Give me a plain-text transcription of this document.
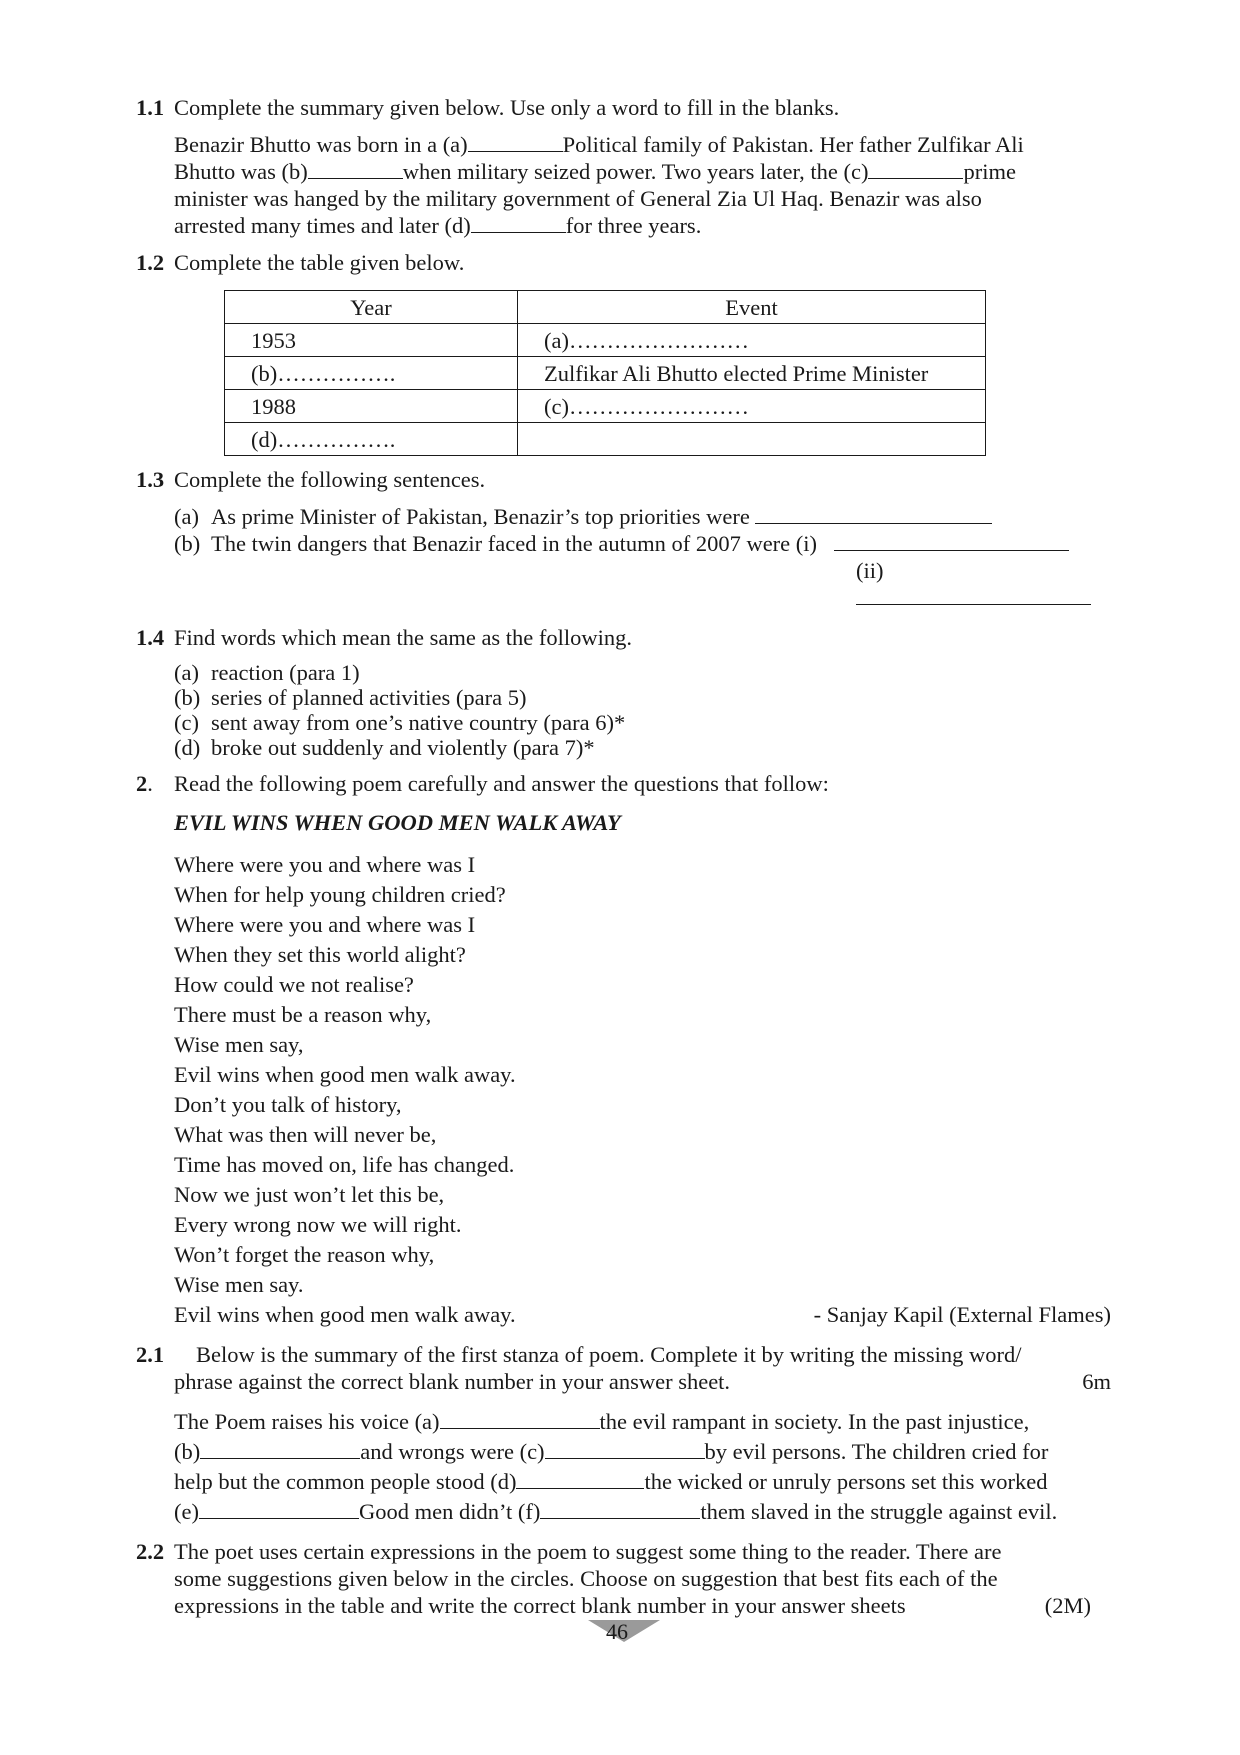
1.1 Complete the summary given below. Use only a word to fill in the blanks.

Benazir Bhutto was born in a (a)	Political family of Pakistan. Her father Zulfikar Ali

Bhutto was (b)	when military seized power. Two years later, the (c)	prime

minister was hanged by the military government of General Zia Ul Haq. Benazir was also

arrested many times and later (d)	for three years.

1.2 Complete the table given below.
Year	Event
1953	(a)……………………
(b)…………….	Zulfikar Ali Bhutto elected Prime Minister
1988	(c)……………………
(d)…………….	
1.3 Complete the following sentences.
(a) As prime Minister of Pakistan, Benazir’s top priorities were
(b) The twin dangers that Benazir faced in the autumn of 2007 were (i)
(ii)
1.4 Find words which mean the same as the following.
(a) reaction (para 1)
(b) series of planned activities (para 5)
(c) sent away from one’s native country (para 6)*
(d) broke out suddenly and violently (para 7)*
2. Read the following poem carefully and answer the questions that follow:
EVIL WINS WHEN GOOD MEN WALK AWAY
Where were you and where was I
When for help young children cried?
Where were you and where was I
When they set this world alight?
How could we not realise?
There must be a reason why,
Wise men say,
Evil wins when good men walk away.
Don’t you talk of history,
What was then will never be,
Time has moved on, life has changed.
Now we just won’t let this be,
Every wrong now we will right.
Won’t forget the reason why,
Wise men say.
Evil wins when good men walk away.	- Sanjay Kapil (External Flames)
2.1	Below is the summary of the first stanza of poem. Complete it by writing the missing word/
phrase against the correct blank number in your answer sheet.	6m

The Poem raises his voice (a)	the evil rampant in society. In the past injustice,

(b)	and wrongs were (c)	by evil persons. The children cried for

help but the common people stood (d)	the wicked or unruly persons set this worked

(e)	Good men didn’t (f)	them slaved in the struggle against evil.

2.2 The poet uses certain expressions in the poem to suggest some thing to the reader. There are
some suggestions given below in the circles. Choose on suggestion that best fits each of the
expressions in the table and write the correct blank number in your answer sheets	(2M)
46
